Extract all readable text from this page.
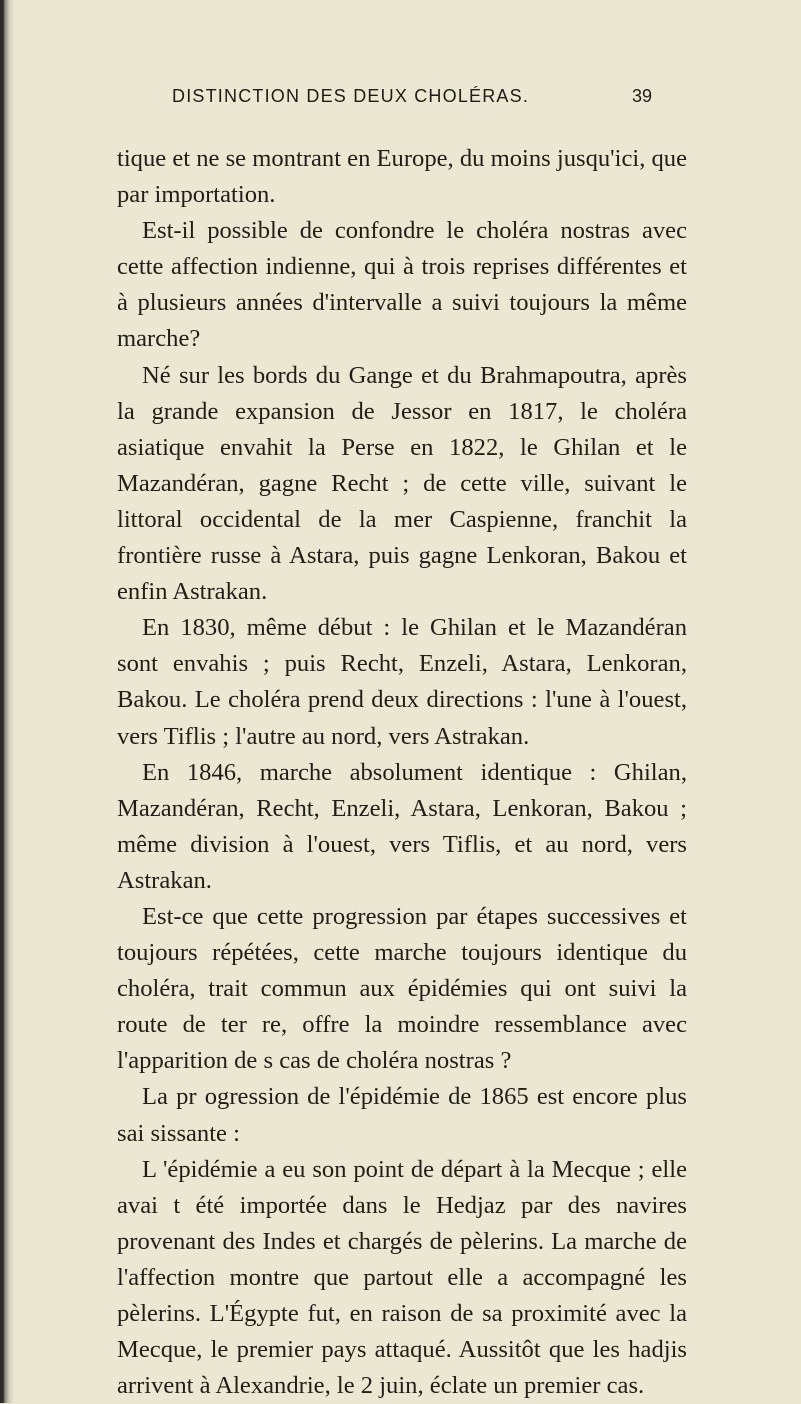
DISTINCTION DES DEUX CHOLÉRAS.	39

tique et ne se montrant en Europe, du moins jusqu'ici, que par importation.

Est-il possible de confondre le choléra nostras avec cette affection indienne, qui à trois reprises différentes et à plusieurs années d'intervalle a suivi toujours la même marche?

Né sur les bords du Gange et du Brahmapoutra, après la grande expansion de Jessor en 1817, le choléra asiatique envahit la Perse en 1822, le Ghilan et le Mazandéran, gagne Recht ; de cette ville, suivant le littoral occidental de la mer Caspienne, franchit la frontière russe à Astara, puis gagne Lenkoran, Bakou et enfin Astrakan.

En 1830, même début : le Ghilan et le Mazandéran sont envahis ; puis Recht, Enzeli, Astara, Lenkoran, Bakou. Le choléra prend deux directions : l'une à l'ouest, vers Tiflis ; l'autre au nord, vers Astrakan.

En 1846, marche absolument identique : Ghilan, Mazandéran, Recht, Enzeli, Astara, Lenkoran, Bakou ; même division à l'ouest, vers Tiflis, et au nord, vers Astrakan.

Est-ce que cette progression par étapes successives et toujours répétées, cette marche toujours identique du choléra, trait commun aux épidémies qui ont suivi la route de ter re, offre la moindre ressemblance avec l'apparition de s cas de choléra nostras ?

La pr ogression de l'épidémie de 1865 est encore plus sai sissante :

L 'épidémie a eu son point de départ à la Mecque ; elle avai t été importée dans le Hedjaz par des navires provenant des Indes et chargés de pèlerins. La marche de l'affection montre que partout elle a accompagné les pèlerins. L'Égypte fut, en raison de sa proximité avec la Mecque, le premier pays attaqué. Aussitôt que les hadjis arrivent à Alexandrie, le 2 juin, éclate un premier cas.
